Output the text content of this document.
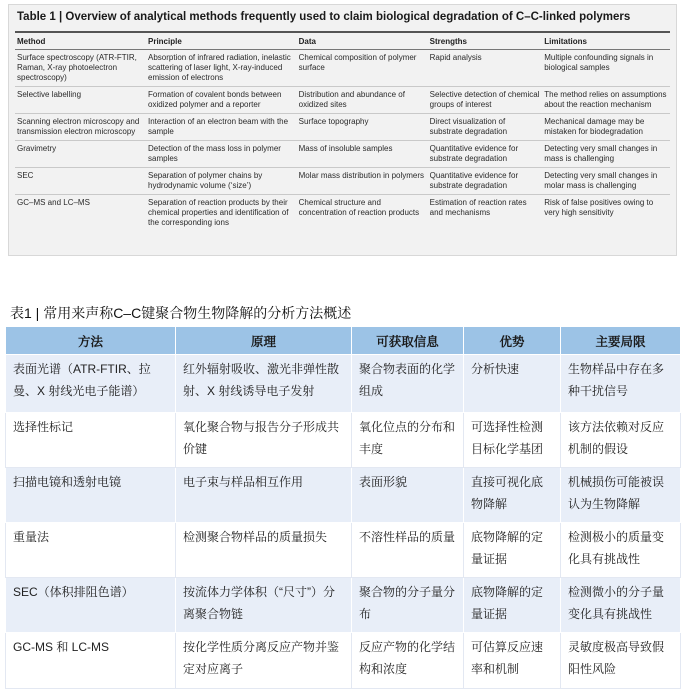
Table 1 | Overview of analytical methods frequently used to claim biological degradation of C–C-linked polymers
Method	Principle	Data	Strengths	Limitations
Surface spectroscopy (ATR-FTIR, Raman, X-ray photoelectron spectroscopy)	Absorption of infrared radiation, inelastic scattering of laser light, X-ray-induced emission of electrons	Chemical composition of polymer surface	Rapid analysis	Multiple confounding signals in biological samples
Selective labelling	Formation of covalent bonds between oxidized polymer and a reporter	Distribution and abundance of oxidized sites	Selective detection of chemical groups of interest	The method relies on assumptions about the reaction mechanism
Scanning electron microscopy and transmission electron microscopy	Interaction of an electron beam with the sample	Surface topography	Direct visualization of substrate degradation	Mechanical damage may be mistaken for biodegradation
Gravimetry	Detection of the mass loss in polymer samples	Mass of insoluble samples	Quantitative evidence for substrate degradation	Detecting very small changes in mass is challenging
SEC	Separation of polymer chains by hydrodynamic volume (‘size’)	Molar mass distribution in polymers	Quantitative evidence for substrate degradation	Detecting very small changes in molar mass is challenging
GC–MS and LC–MS	Separation of reaction products by their chemical properties and identification of the corresponding ions	Chemical structure and concentration of reaction products	Estimation of reaction rates and mechanisms	Risk of false positives owing to very high sensitivity
表1 | 常用来声称C–C键聚合物生物降解的分析方法概述
方法	原理	可获取信息	优势	主要局限
表面光谱（ATR-FTIR、拉曼、X 射线光电子能谱）	红外辐射吸收、激光非弹性散射、X 射线诱导电子发射	聚合物表面的化学组成	分析快速	生物样品中存在多种干扰信号
选择性标记	氧化聚合物与报告分子形成共价键	氧化位点的分布和丰度	可选择性检测目标化学基团	该方法依赖对反应机制的假设
扫描电镜和透射电镜	电子束与样品相互作用	表面形貌	直接可视化底物降解	机械损伤可能被误认为生物降解
重量法	检测聚合物样品的质量损失	不溶性样品的质量	底物降解的定量证据	检测极小的质量变化具有挑战性
SEC（体积排阻色谱）	按流体力学体积（“尺寸”）分离聚合物链	聚合物的分子量分布	底物降解的定量证据	检测微小的分子量变化具有挑战性
GC-MS 和 LC-MS	按化学性质分离反应产物并鉴定对应离子	反应产物的化学结构和浓度	可估算反应速率和机制	灵敏度极高导致假阳性风险
